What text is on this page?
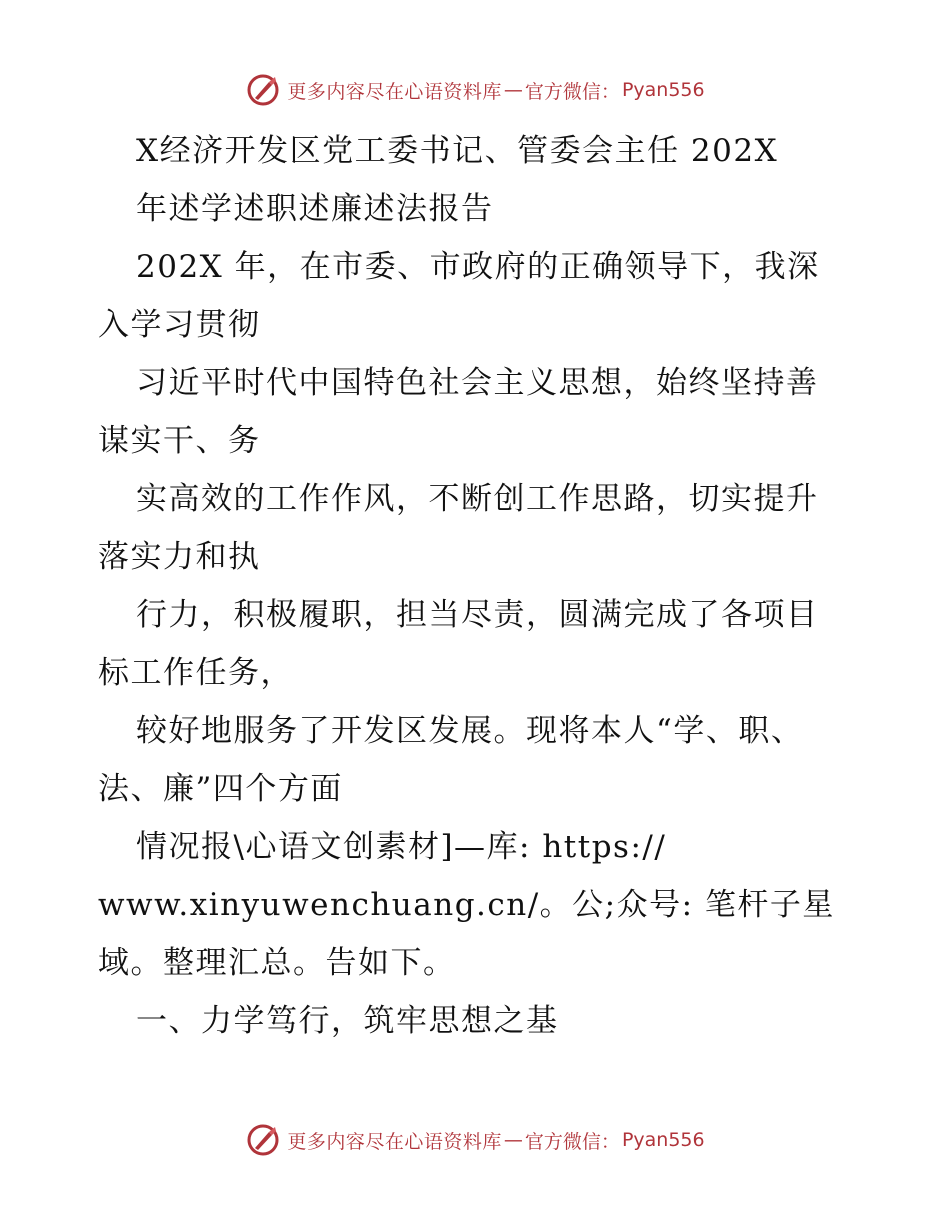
更多内容尽在心语资料库 — 官方微信： Pyan556
X经济开发区党工委书记、管委会主任 202X
年述学述职述廉述法报告
202X 年，在市委、市政府的正确领导下，我深
入学习贯彻
习近平时代中国特色社会主义思想，始终坚持善
谋实干、务
实高效的工作作风，不断创工作思路，切实提升
落实力和执
行力，积极履职，担当尽责，圆满完成了各项目
标工作任务，
较好地服务了开发区发展。现将本人“学、职、
法、廉”四个方面
情况报\心语文创素材]—库: https://
www.xinyuwenchuang.cn/。公;众号: 笔杆子星
域。整理汇总。告如下。
一、力学笃行，筑牢思想之基
更多内容尽在心语资料库 — 官方微信： Pyan556
